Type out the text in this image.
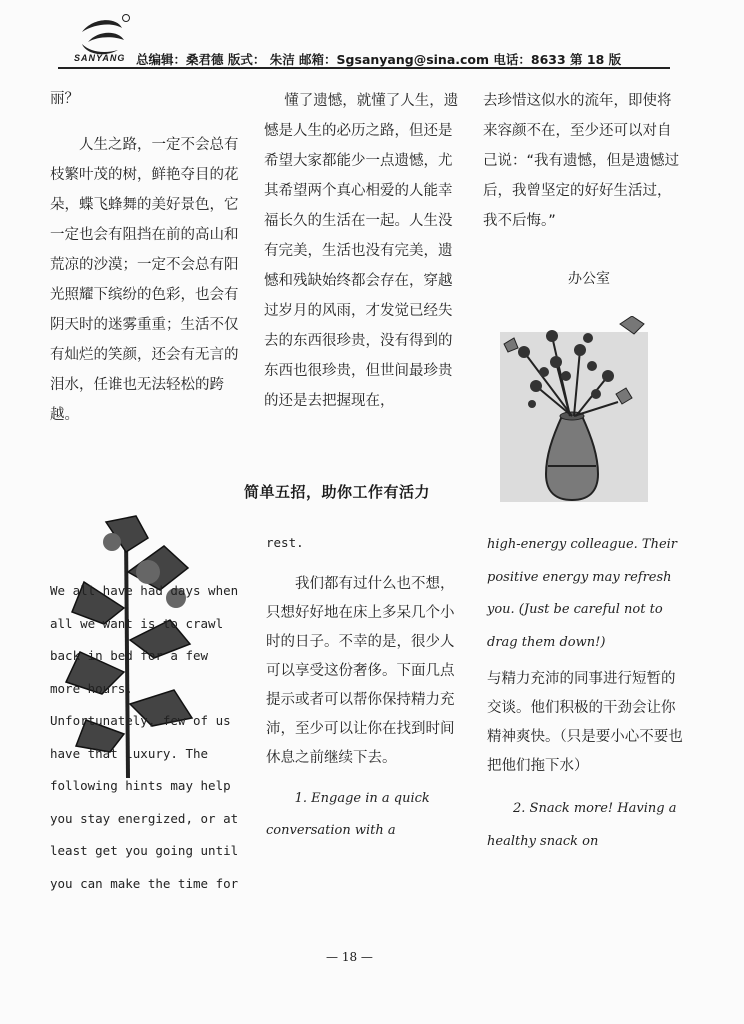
SANYANG 总编辑：桑君德 版式： 朱洁 邮箱：Sgsanyang@sina.com 电话：8633 第 18 版

丽？

人生之路，一定不会总有枝繁叶茂的树，鲜艳夺目的花朵，蝶飞蜂舞的美好景色，它一定也会有阻挡在前的高山和荒凉的沙漠；一定不会总有阳光照耀下缤纷的色彩，也会有阴天时的迷雾重重；生活不仅有灿烂的笑颜，还会有无言的泪水，任谁也无法轻松的跨越。

懂了遗憾，就懂了人生，遗憾是人生的必历之路，但还是希望大家都能少一点遗憾，尤其希望两个真心相爱的人能幸福长久的生活在一起。人生没有完美，生活也没有完美，遗憾和残缺始终都会存在，穿越过岁月的风雨，才发觉已经失去的东西很珍贵，没有得到的东西也很珍贵，但世间最珍贵的还是去把握现在，

去珍惜这似水的流年，即使将来容颜不在，至少还可以对自己说：“我有遗憾，但是遗憾过后，我曾坚定的好好生活过，我不后悔。”

办公室
简单五招，助你工作有活力
We all have had days when all we want is to crawl back in bed for a few more hours. Unfortunately, few of us have that luxury. The following hints may help you stay energized, or at least get you going until you can make the time for
rest.
我们都有过什么也不想，只想好好地在床上多呆几个小时的日子。不幸的是，很少人可以享受这份奢侈。下面几点提示或者可以帮你保持精力充沛，至少可以让你在找到时间休息之前继续下去。
1. Engage in a quick conversation with a
high-energy colleague. Their positive energy may refresh you. (Just be careful not to drag them down!)
与精力充沛的同事进行短暂的交谈。他们积极的干劲会让你精神爽快。（只是要小心不要也把他们拖下水）
2. Snack more! Having a healthy snack on
— 18 —
